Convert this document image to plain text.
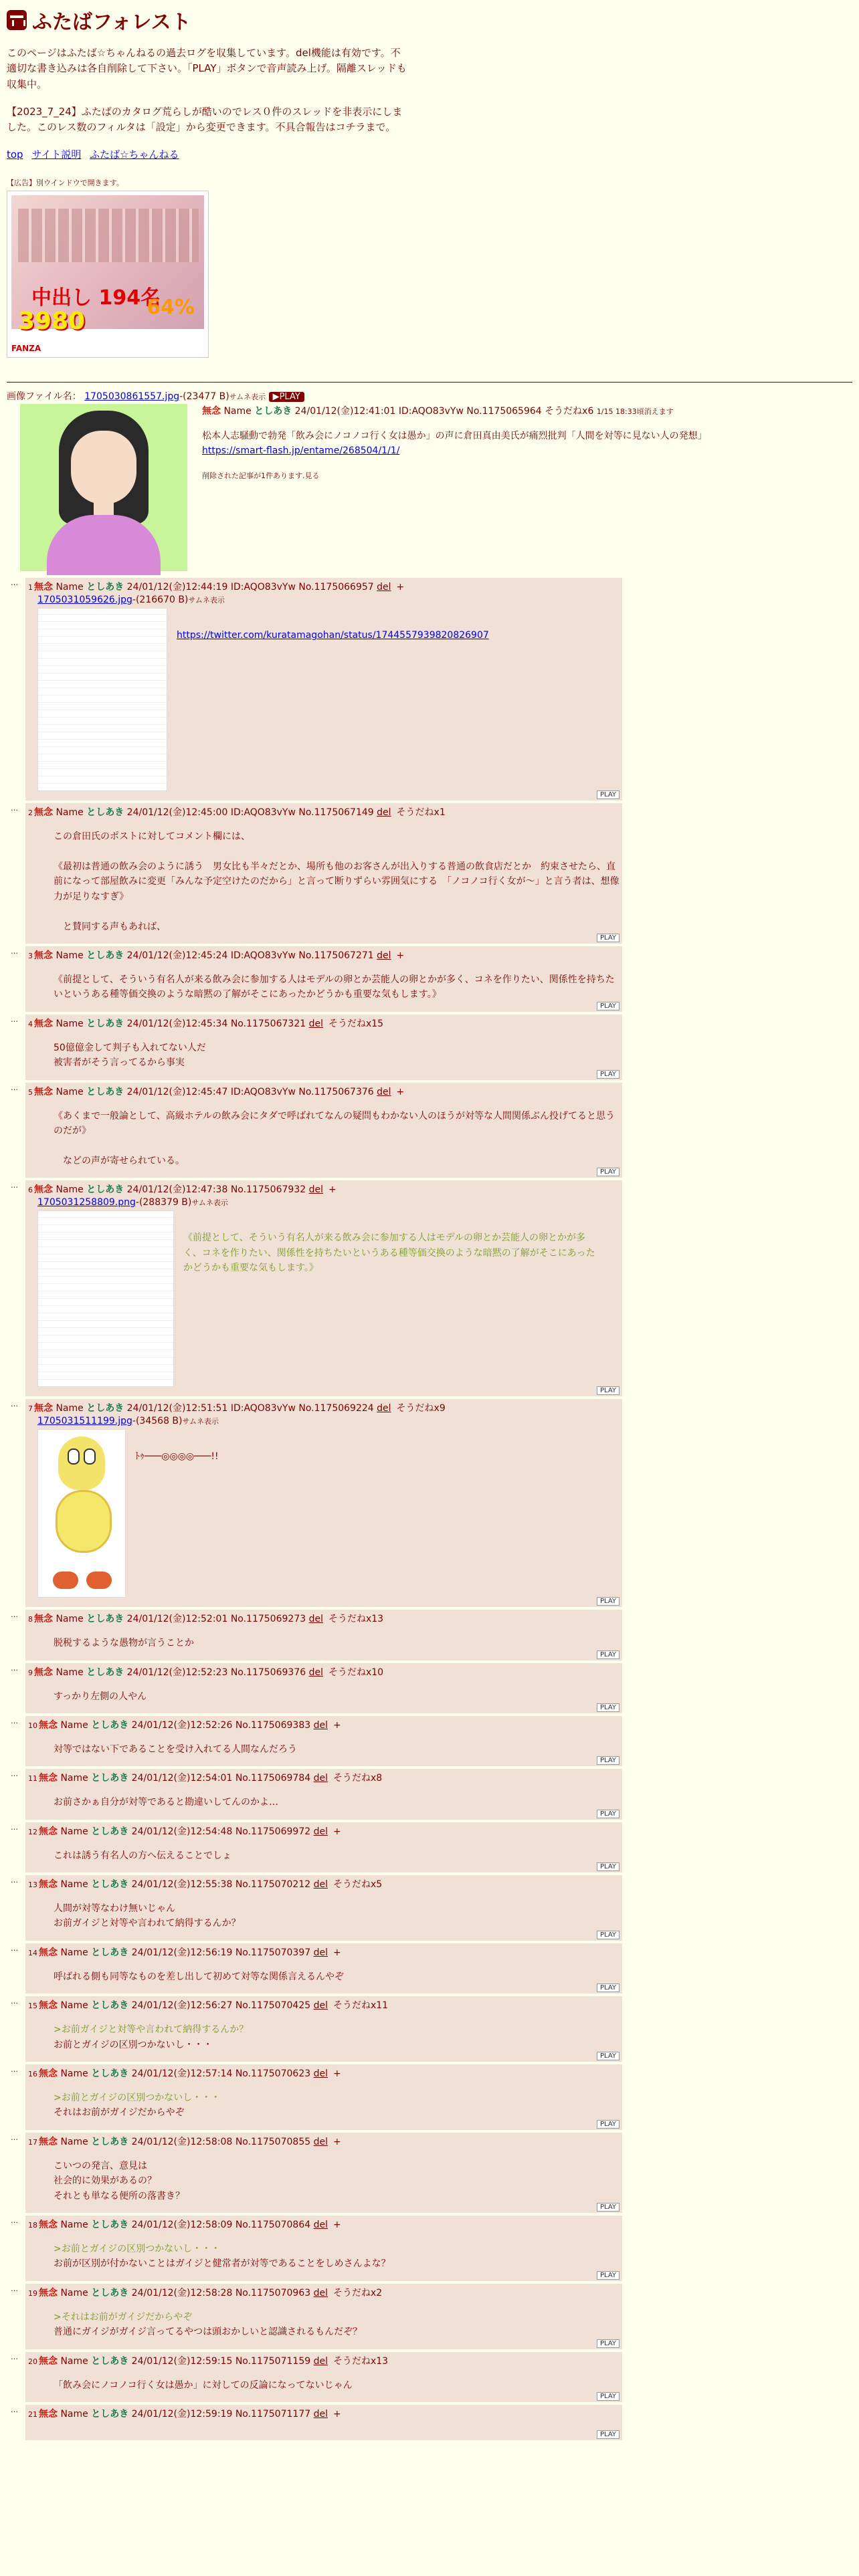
ふたばフォレスト

このページはふたば☆ちゃんねるの過去ログを収集しています。del機能は有効です。不適切な書き込みは各自削除して下さい。「PLAY」ボタンで音声読み上げ。隔離スレッドも収集中。

【2023_7_24】ふたばのカタログ荒らしが酷いのでレス０件のスレッドを非表示にしました。このレス数のフィルタは「設定」から変更できます。不具合報告はコチラまで。

top サイト説明 ふたば☆ちゃんねる
【広告】別ウインドウで開きます。
中出し 194名
3980
64%
FANZA
画像ファイル名： 1705030861557.jpg-(23477 B)サムネ表示 ▶PLAY
無念 Name としあき 24/01/12(金)12:41:01 ID:AQO83vYw No.1175065964 そうだねx6 1/15 18:33頃消えます
松本人志騒動で勃発「飲み会にノコノコ行く女は愚か」の声に倉田真由美氏が痛烈批判「人間を対等に見ない人の発想」
https://smart-flash.jp/entame/268504/1/1/
削除された記事が1件あります.見る
…
1 無念 Name としあき 24/01/12(金)12:44:19 ID:AQO83vYw No.1175066957 del +
1705031059626.jpg-(216670 B)サムネ表示
https://twitter.com/kuratamagohan/status/1744557939820826907
PLAY
…
2 無念 Name としあき 24/01/12(金)12:45:00 ID:AQO83vYw No.1175067149 del そうだねx1
この倉田氏のポストに対してコメント欄には、

《最初は普通の飲み会のように誘う　男女比も半々だとか、場所も他のお客さんが出入りする普通の飲食店だとか　約束させたら、直前になって部屋飲みに変更「みんな予定空けたのだから」と言って断りずらい雰囲気にする　「ノコノコ行く女が〜」と言う者は、想像力が足りなすぎ》

　と賛同する声もあれば、
PLAY
…
3 無念 Name としあき 24/01/12(金)12:45:24 ID:AQO83vYw No.1175067271 del +
《前提として、そういう有名人が来る飲み会に参加する人はモデルの卵とか芸能人の卵とかが多く、コネを作りたい、関係性を持ちたいというある種等価交換のような暗黙の了解がそこにあったかどうかも重要な気もします。》
PLAY
…
4 無念 Name としあき 24/01/12(金)12:45:34 No.1175067321 del そうだねx15
50億億金して判子も入れてない人だ
被害者がそう言ってるから事実
PLAY
…
5 無念 Name としあき 24/01/12(金)12:45:47 ID:AQO83vYw No.1175067376 del +
《あくまで一般論として、高級ホテルの飲み会にタダで呼ばれてなんの疑問もわかない人のほうが対等な人間関係ぶん投げてると思うのだが》

　などの声が寄せられている。
PLAY
…
6 無念 Name としあき 24/01/12(金)12:47:38 No.1175067932 del +
1705031258809.png-(288379 B)サムネ表示
《前提として、そういう有名人が来る飲み会に参加する人はモデルの卵とか芸能人の卵とかが多く、コネを作りたい、関係性を持ちたいというある種等価交換のような暗黙の了解がそこにあったかどうかも重要な気もします。》
PLAY
…
7 無念 Name としあき 24/01/12(金)12:51:51 ID:AQO83vYw No.1175069224 del そうだねx9
1705031511199.jpg-(34568 B)サムネ表示
ﾄｩ───◎◎◎◎───!!
PLAY
…
8 無念 Name としあき 24/01/12(金)12:52:01 No.1175069273 del そうだねx13
脱税するような愚物が言うことか
PLAY
…
9 無念 Name としあき 24/01/12(金)12:52:23 No.1175069376 del そうだねx10
すっかり左側の人やん
PLAY
…
10 無念 Name としあき 24/01/12(金)12:52:26 No.1175069383 del +
対等ではない下であることを受け入れてる人間なんだろう
PLAY
…
11 無念 Name としあき 24/01/12(金)12:54:01 No.1175069784 del そうだねx8
お前さかぁ自分が対等であると勘違いしてんのかよ…
PLAY
…
12 無念 Name としあき 24/01/12(金)12:54:48 No.1175069972 del +
これは誘う有名人の方へ伝えることでしょ
PLAY
…
13 無念 Name としあき 24/01/12(金)12:55:38 No.1175070212 del そうだねx5
人間が対等なわけ無いじゃん
お前ガイジと対等や言われて納得するんか？
PLAY
…
14 無念 Name としあき 24/01/12(金)12:56:19 No.1175070397 del +
呼ばれる側も同等なものを差し出して初めて対等な関係言えるんやぞ
PLAY
…
15 無念 Name としあき 24/01/12(金)12:56:27 No.1175070425 del そうだねx11
>お前ガイジと対等や言われて納得するんか？
お前とガイジの区別つかないし・・・
PLAY
…
16 無念 Name としあき 24/01/12(金)12:57:14 No.1175070623 del +
>お前とガイジの区別つかないし・・・
それはお前がガイジだからやぞ
PLAY
…
17 無念 Name としあき 24/01/12(金)12:58:08 No.1175070855 del +
こいつの発言、意見は
社会的に効果があるの？
それとも単なる便所の落書き？
PLAY
…
18 無念 Name としあき 24/01/12(金)12:58:09 No.1175070864 del +
>お前とガイジの区別つかないし・・・
お前が区別が付かないことはガイジと健常者が対等であることをしめさんよな？
PLAY
…
19 無念 Name としあき 24/01/12(金)12:58:28 No.1175070963 del そうだねx2
>それはお前がガイジだからやぞ
普通にガイジがガイジ言ってるやつは頭おかしいと認識されるもんだぞ？
PLAY
…
20 無念 Name としあき 24/01/12(金)12:59:15 No.1175071159 del そうだねx13
「飲み会にノコノコ行く女は愚か」に対しての反論になってないじゃん
PLAY
…
21 無念 Name としあき 24/01/12(金)12:59:19 No.1175071177 del +
PLAY
